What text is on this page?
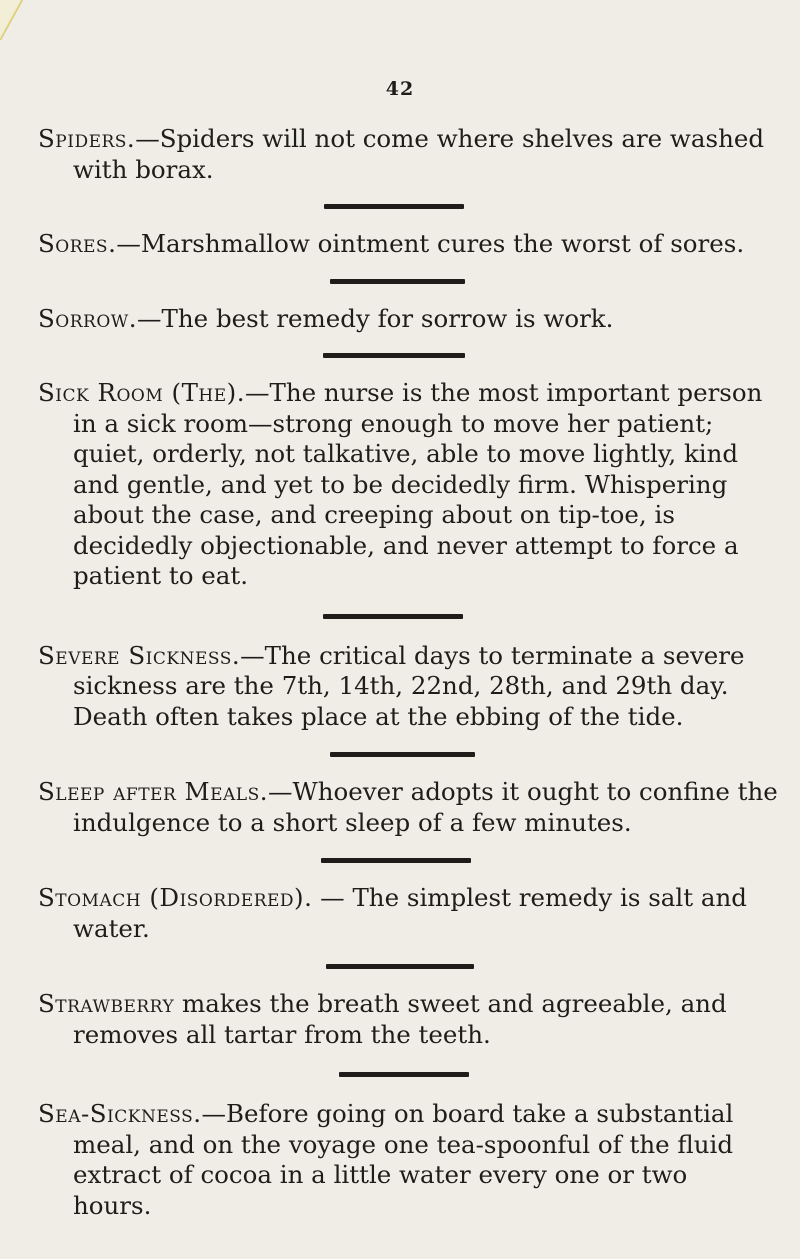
42

Spiders.—Spiders will not come where shelves are washed with borax.

Sores.—Marshmallow ointment cures the worst of sores.

Sorrow.—The best remedy for sorrow is work.

Sick Room (The).—The nurse is the most important person in a sick room—strong enough to move her patient; quiet, orderly, not talkative, able to move lightly, kind and gentle, and yet to be decidedly firm. Whispering about the case, and creeping about on tip-toe, is decidedly objectionable, and never attempt to force a patient to eat.

Severe Sickness.—The critical days to terminate a severe sickness are the 7th, 14th, 22nd, 28th, and 29th day. Death often takes place at the ebbing of the tide.

Sleep after Meals.—Whoever adopts it ought to confine the indulgence to a short sleep of a few minutes.

Stomach (Disordered). — The simplest remedy is salt and water.

Strawberry makes the breath sweet and agreeable, and removes all tartar from the teeth.

Sea-Sickness.—Before going on board take a substantial meal, and on the voyage one tea-spoonful of the fluid extract of cocoa in a little water every one or two hours.
